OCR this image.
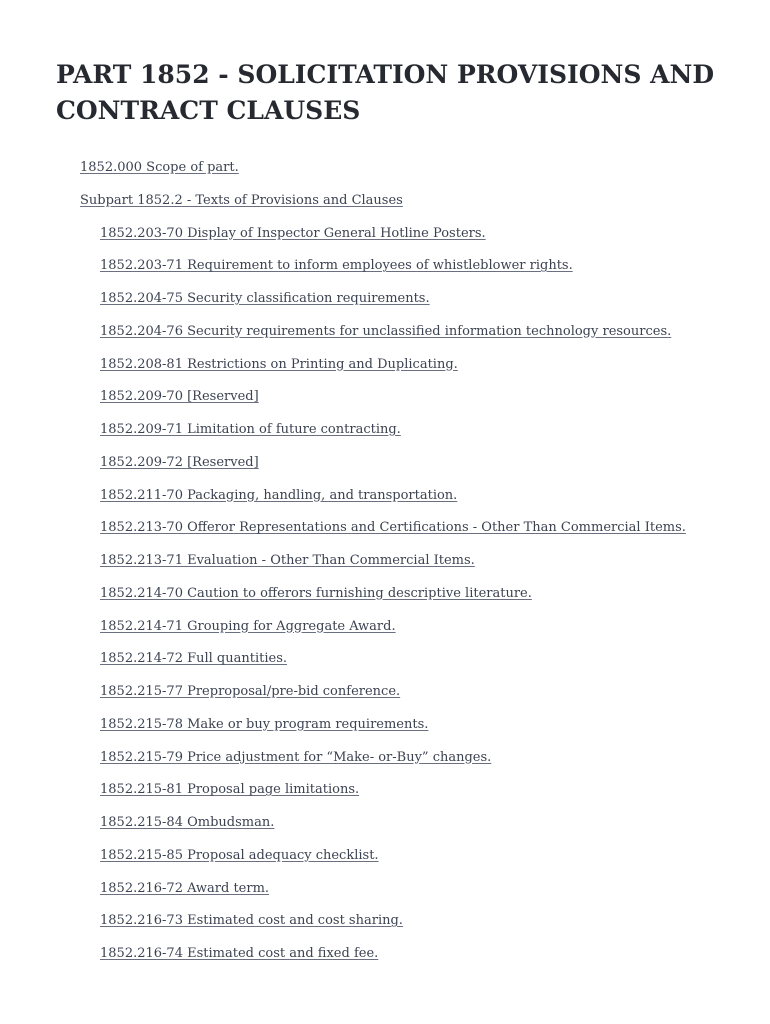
PART 1852 - SOLICITATION PROVISIONS AND CONTRACT CLAUSES
1852.000 Scope of part.
Subpart 1852.2 - Texts of Provisions and Clauses
1852.203-70 Display of Inspector General Hotline Posters.
1852.203-71 Requirement to inform employees of whistleblower rights.
1852.204-75 Security classification requirements.
1852.204-76 Security requirements for unclassified information technology resources.
1852.208-81 Restrictions on Printing and Duplicating.
1852.209-70 [Reserved]
1852.209-71 Limitation of future contracting.
1852.209-72 [Reserved]
1852.211-70 Packaging, handling, and transportation.
1852.213-70 Offeror Representations and Certifications - Other Than Commercial Items.
1852.213-71 Evaluation - Other Than Commercial Items.
1852.214-70 Caution to offerors furnishing descriptive literature.
1852.214-71 Grouping for Aggregate Award.
1852.214-72 Full quantities.
1852.215-77 Preproposal/pre-bid conference.
1852.215-78 Make or buy program requirements.
1852.215-79 Price adjustment for “Make- or-Buy” changes.
1852.215-81 Proposal page limitations.
1852.215-84 Ombudsman.
1852.215-85 Proposal adequacy checklist.
1852.216-72 Award term.
1852.216-73 Estimated cost and cost sharing.
1852.216-74 Estimated cost and fixed fee.
